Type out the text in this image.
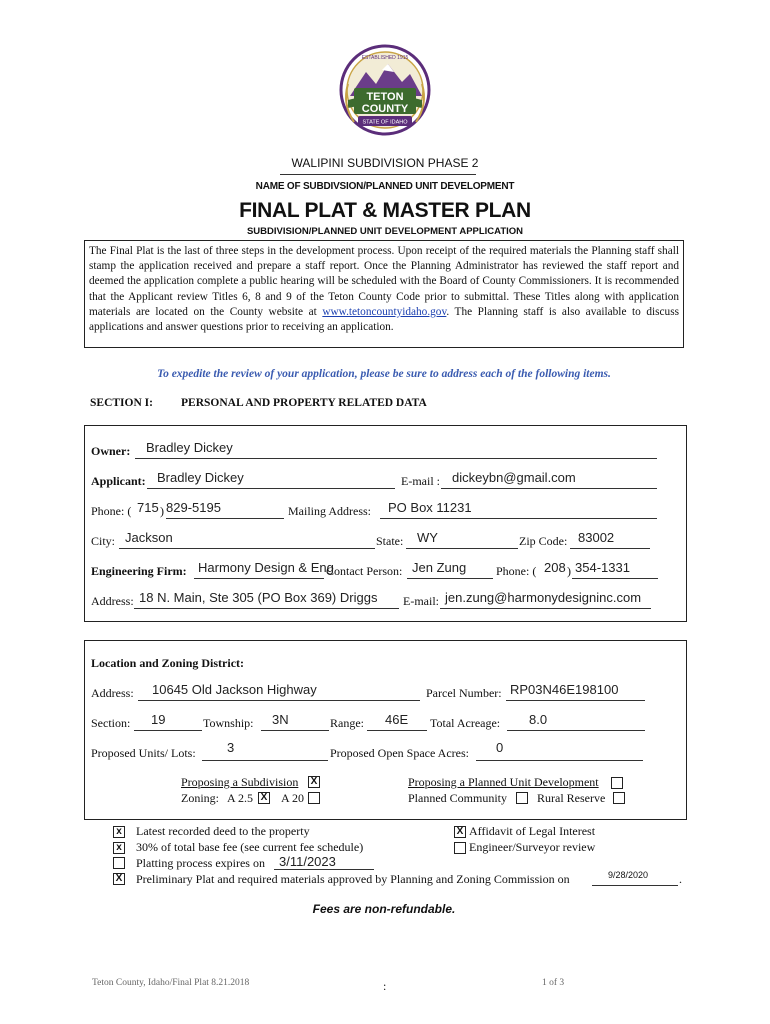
ESTABLISHED 1915
TETON
COUNTY
STATE OF IDAHO
WALIPINI SUBDIVISION PHASE 2
NAME OF SUBDIVSION/PLANNED UNIT DEVELOPMENT
FINAL PLAT & MASTER PLAN
SUBDIVISION/PLANNED UNIT DEVELOPMENT APPLICATION
The Final Plat is the last of three steps in the development process. Upon receipt of the required materials the Planning staff shall stamp the application received and prepare a staff report. Once the Planning Administrator has reviewed the staff report and deemed the application complete a public hearing will be scheduled with the Board of County Commissioners. It is recommended that the Applicant review Titles 6, 8 and 9 of the Teton County Code prior to submittal. These Titles along with application materials are located on the County website at www.tetoncountyidaho.gov. The Planning staff is also available to discuss applications and answer questions prior to receiving an application.
To expedite the review of your application, please be sure to address each of the following items.
SECTION I: PERSONAL AND PROPERTY RELATED DATA
Owner: Bradley Dickey
Applicant: Bradley Dickey	E-mail : dickeybn@gmail.com
Phone: ( 715 ) 829-5195	Mailing Address: PO Box 11231
City: Jackson	State: WY	Zip Code: 83002
Engineering Firm: Harmony Design & Eng
Contact Person: Jen Zung Phone: ( 208 ) 354-1331
Address: 18 N. Main, Ste 305 (PO Box 369) Driggs E-mail: jen.zung@harmonydesigninc.com
Location and Zoning District:
Address: 10645 Old Jackson Highway	Parcel Number: RP03N46E198100
Section: 19	Township: 3N	Range: 46E Total Acreage: 8.0
Proposed Units/ Lots: 3	Proposed Open Space Acres: 0
Proposing a Subdivision X
Zoning: A 2.5 X A 20
Proposing a Planned Unit Development
Planned Community	Rural Reserve
x Latest recorded deed to the property
x 30% of total base fee (see current fee schedule)
Platting process expires on 3/11/2023
X Preliminary Plat and required materials approved by Planning and Zoning Commission on	9/28/2020	.
X Affidavit of Legal Interest
Engineer/Surveyor review
Fees are non-refundable.
Teton County, Idaho/Final Plat 8.21.2018	:	1 of 3
